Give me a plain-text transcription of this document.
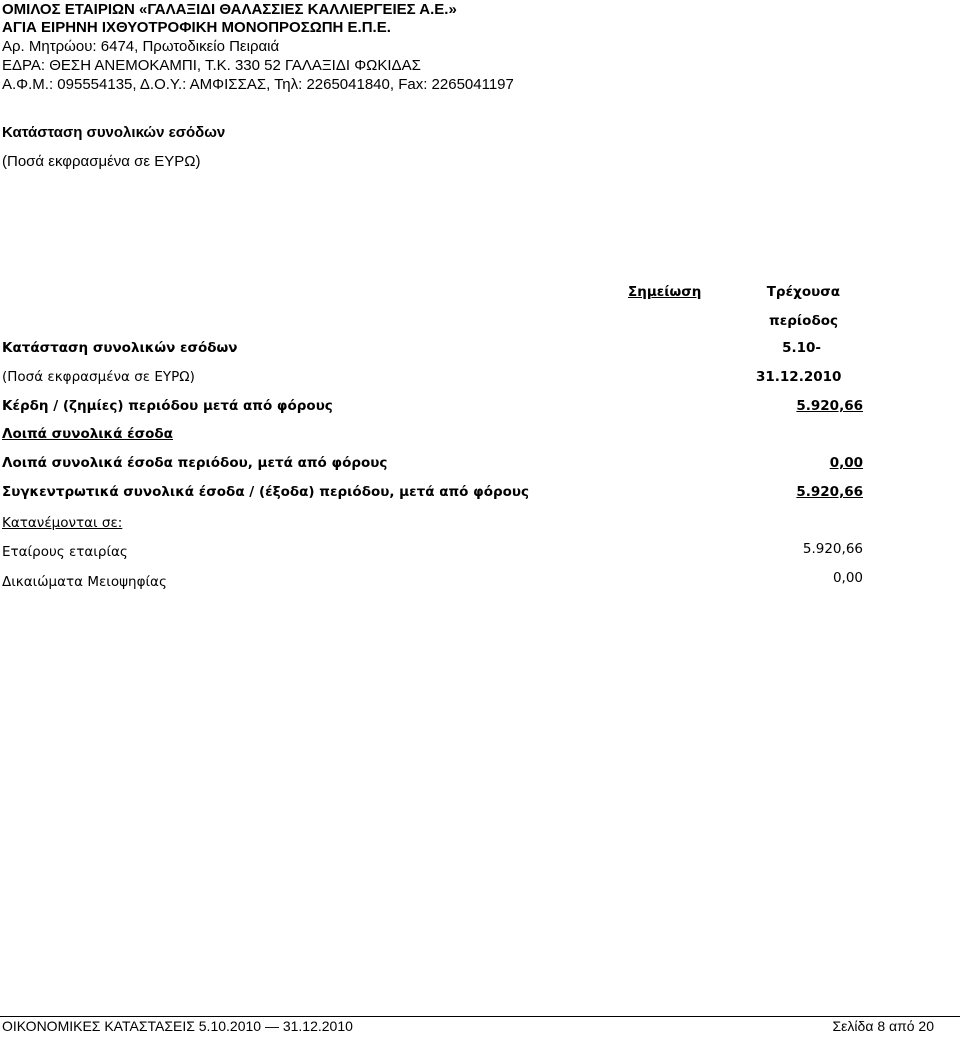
ΟΜΙΛΟΣ ΕΤΑΙΡΙΩΝ «ΓΑΛΑΞΙΔΙ ΘΑΛΑΣΣΙΕΣ ΚΑΛΛΙΕΡΓΕΙΕΣ Α.Ε.»
ΑΓΙΑ ΕΙΡΗΝΗ ΙΧΘΥΟΤΡΟΦΙΚΗ ΜΟΝΟΠΡΟΣΩΠΗ Ε.Π.Ε.
Αρ. Μητρώου: 6474, Πρωτοδικείο Πειραιά
ΕΔΡΑ: ΘΕΣΗ ΑΝΕΜΟΚΑΜΠΙ, Τ.Κ. 330 52 ΓΑΛΑΞΙΔΙ ΦΩΚΙΔΑΣ
Α.Φ.Μ.: 095554135, Δ.Ο.Υ.: ΑΜΦΙΣΣΑΣ, Τηλ: 2265041840, Fax: 2265041197
Κατάσταση συνολικών εσόδων
(Ποσά εκφρασμένα σε ΕΥΡΩ)
Σημείωση	Τρέχουσα
περίοδος
Κατάσταση συνολικών εσόδων	5.10-
(Ποσά εκφρασμένα σε ΕΥΡΩ)	31.12.2010
Κέρδη / (ζημίες) περιόδου μετά από φόρους	5.920,66
Λοιπά συνολικά έσοδα
Λοιπά συνολικά έσοδα περιόδου, μετά από φόρους	0,00
Συγκεντρωτικά συνολικά έσοδα / (έξοδα) περιόδου, μετά από φόρους	5.920,66
Κατανέμονται σε:
Εταίρους εταιρίας	5.920,66
Δικαιώματα Μειοψηφίας	0,00
ΟΙΚΟΝΟΜΙΚΕΣ ΚΑΤΑΣΤΑΣΕΙΣ 5.10.2010 — 31.12.2010	Σελίδα 8 από 20
